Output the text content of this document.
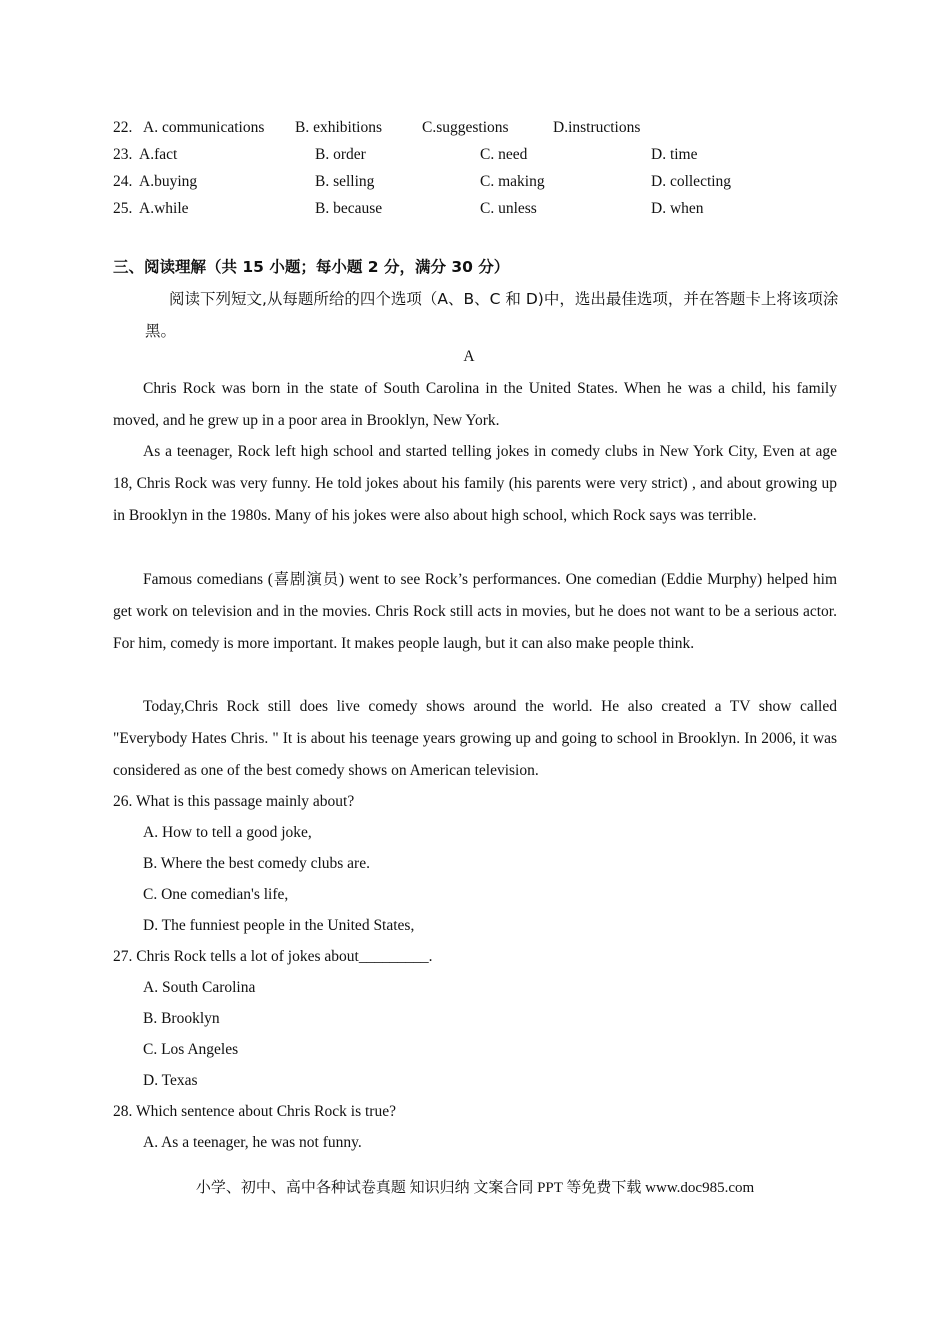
22. A. communications B. exhibitions	C.suggestions	D.instructions
23. A.fact	B. order	C. need	D. time
24. A.buying	B. selling	C. making	D. collecting
25. A.while	B. because	C. unless	D. when
三、阅读理解（共 15 小题；每小题 2 分，满分 30 分）
阅读下列短文,从每题所给的四个选项（A、B、C 和 D)中，选出最佳选项，并在答题卡上将该项涂黑。
A
Chris Rock was born in the state of South Carolina in the United States. When he was a child, his family moved, and he grew up in a poor area in Brooklyn, New York.
As a teenager, Rock left high school and started telling jokes in comedy clubs in New York City, Even at age 18, Chris Rock was very funny. He told jokes about his family (his parents were very strict) , and about growing up in Brooklyn in the 1980s. Many of his jokes were also about high school, which Rock says was terrible.
Famous comedians (喜剧演员) went to see Rock’s performances. One comedian (Eddie Murphy) helped him get work on television and in the movies. Chris Rock still acts in movies, but he does not want to be a serious actor. For him, comedy is more important. It makes people laugh, but it can also make people think.
Today,Chris Rock still does live comedy shows around the world. He also created a TV show called "Everybody Hates Chris. " It is about his teenage years growing up and going to school in Brooklyn. In 2006, it was considered as one of the best comedy shows on American television.
26. What is this passage mainly about?
A. How to tell a good joke,
B. Where the best comedy clubs are.
C. One comedian's life,
D. The funniest people in the United States,
27. Chris Rock tells a lot of jokes about_________.
A. South Carolina
B. Brooklyn
C. Los Angeles
D. Texas
28. Which sentence about Chris Rock is true?
A. As a teenager, he was not funny.
小学、初中、高中各种试卷真题 知识归纳 文案合同 PPT 等免费下载 www.doc985.com
